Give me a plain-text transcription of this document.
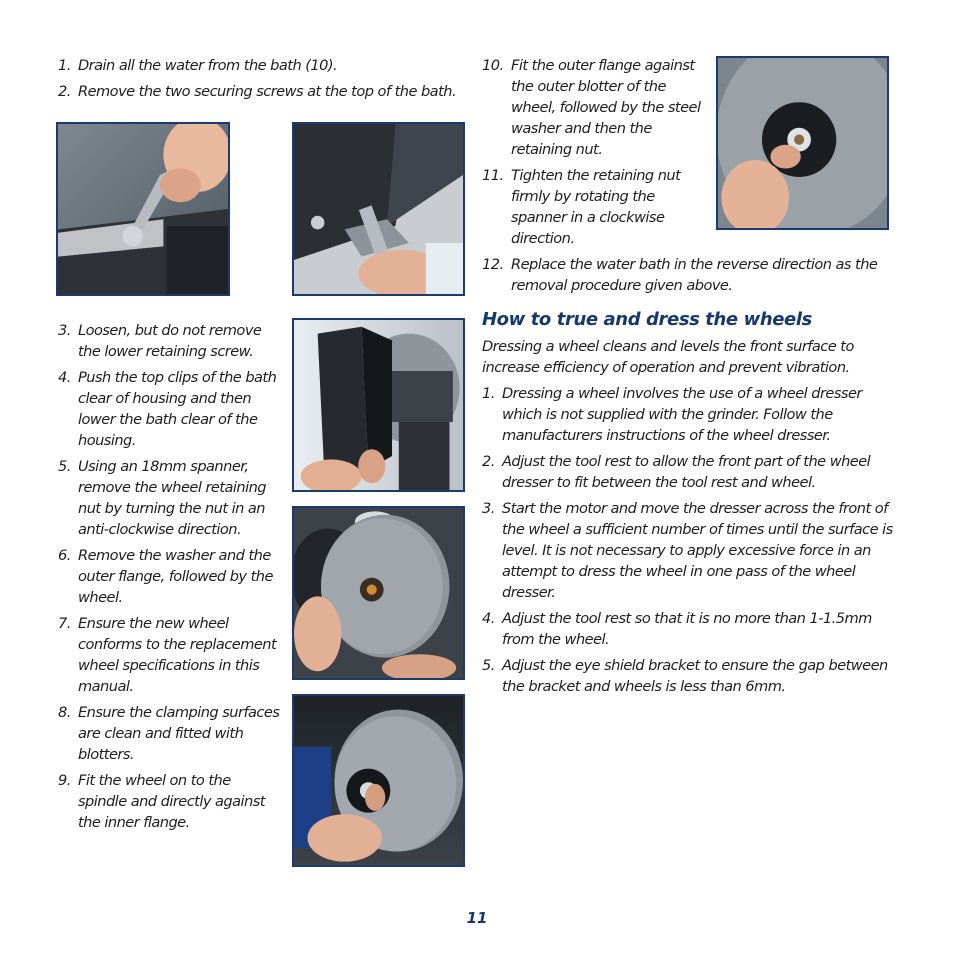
1. Drain all the water from the bath (10).
2. Remove the two securing screws at the top of the bath.
3. Loosen, but do not remove the lower retaining screw.
4. Push the top clips of the bath clear of housing and then lower the bath clear of the housing.
5. Using an 18mm spanner, remove the wheel retaining nut by turning the nut in an anti-clockwise direction.
6. Remove the washer and the outer flange, followed by the wheel.
7. Ensure the new wheel conforms to the replacement wheel specifications in this manual.
8. Ensure the clamping surfaces are clean and fitted with blotters.
9. Fit the wheel on to the spindle and directly against the inner flange.
10. Fit the outer flange against the outer blotter of the wheel, followed by the steel washer and then the retaining nut.
11. Tighten the retaining nut firmly by rotating the spanner in a clockwise direction.
12. Replace the water bath in the reverse direction as the removal procedure given above.
How to true and dress the wheels

Dressing a wheel cleans and levels the front surface to increase efficiency of operation and prevent vibration.

1. Dressing a wheel involves the use of a wheel dresser which is not supplied with the grinder. Follow the manufacturers instructions of the wheel dresser.
2. Adjust the tool rest to allow the front part of the wheel dresser to fit between the tool rest and wheel.
3. Start the motor and move the dresser across the front of the wheel a sufficient number of times until the surface is level. It is not necessary to apply excessive force in an attempt to dress the wheel in one pass of the wheel dresser.
4. Adjust the tool rest so that it is no more than 1-1.5mm from the wheel.
5. Adjust the eye shield bracket to ensure the gap between the bracket and wheels is less than 6mm.
11
